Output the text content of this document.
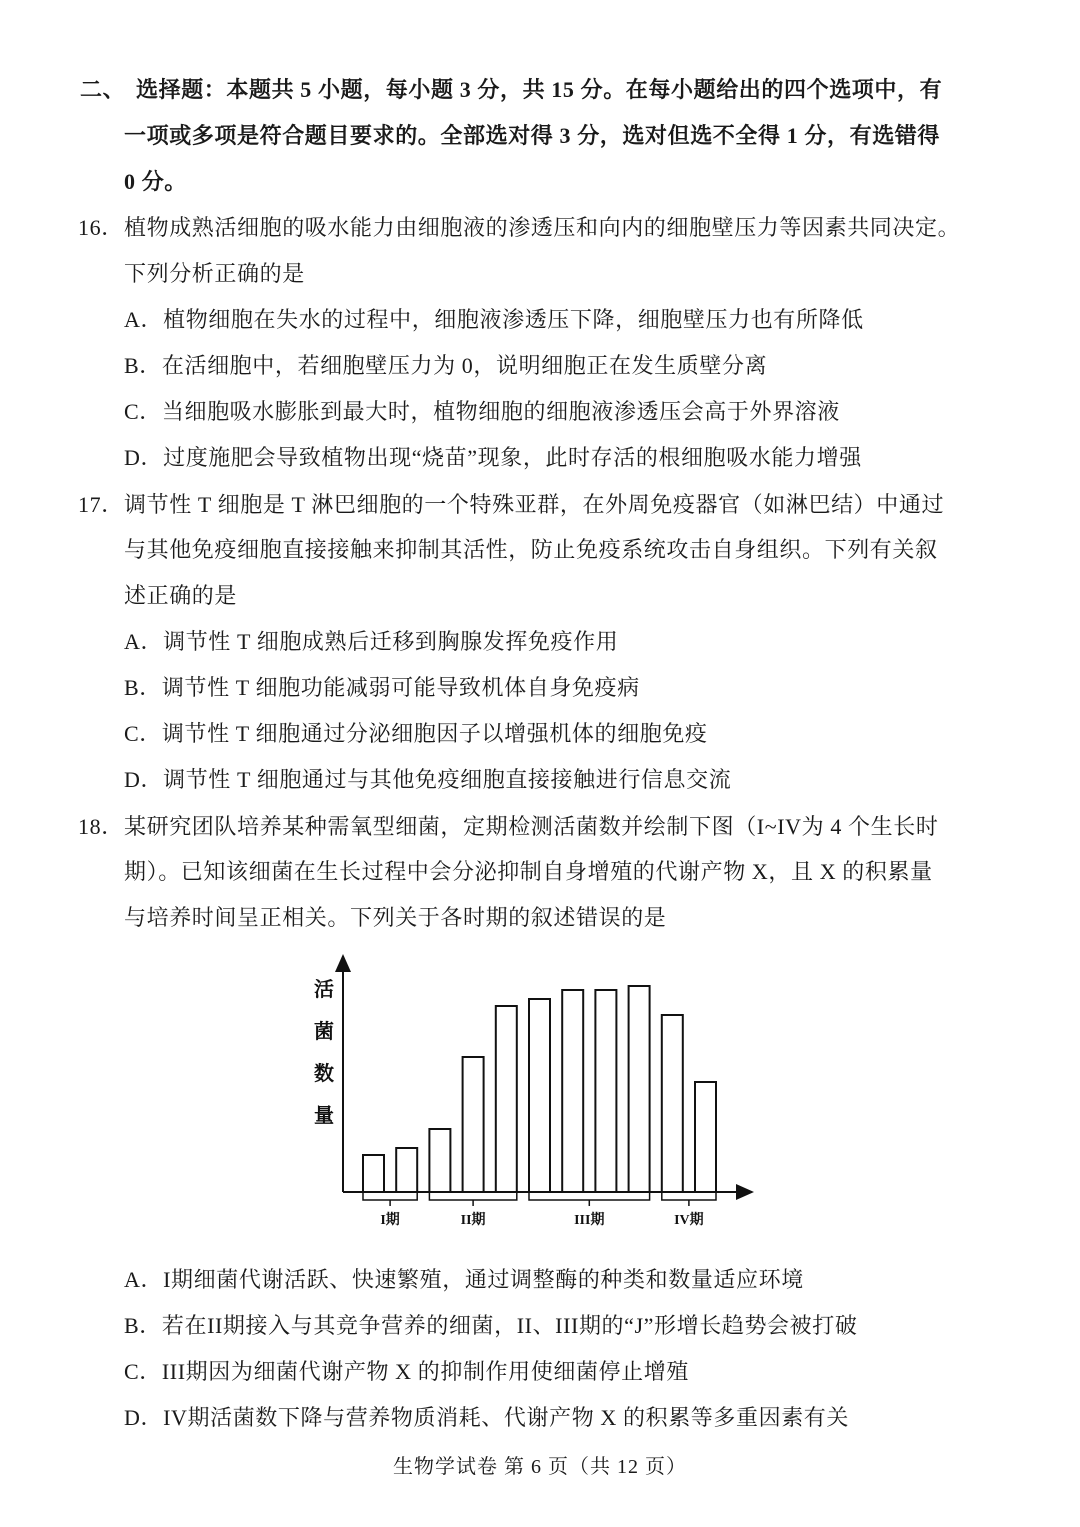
二、 选择题：本题共 5 小题，每小题 3 分，共 15 分。在每小题给出的四个选项中，有
一项或多项是符合题目要求的。全部选对得 3 分，选对但选不全得 1 分，有选错得
0 分。
16． 植物成熟活细胞的吸水能力由细胞液的渗透压和向内的细胞壁压力等因素共同决定。
下列分析正确的是
A．植物细胞在失水的过程中，细胞液渗透压下降，细胞壁压力也有所降低
B．在活细胞中，若细胞壁压力为 0，说明细胞正在发生质壁分离
C．当细胞吸水膨胀到最大时，植物细胞的细胞液渗透压会高于外界溶液
D．过度施肥会导致植物出现“烧苗”现象，此时存活的根细胞吸水能力增强
17． 调节性 T 细胞是 T 淋巴细胞的一个特殊亚群，在外周免疫器官（如淋巴结）中通过
与其他免疫细胞直接接触来抑制其活性，防止免疫系统攻击自身组织。下列有关叙
述正确的是
A．调节性 T 细胞成熟后迁移到胸腺发挥免疫作用
B．调节性 T 细胞功能减弱可能导致机体自身免疫病
C．调节性 T 细胞通过分泌细胞因子以增强机体的细胞免疫
D．调节性 T 细胞通过与其他免疫细胞直接接触进行信息交流
18． 某研究团队培养某种需氧型细菌，定期检测活菌数并绘制下图（I~IV为 4 个生长时
期）。已知该细菌在生长过程中会分泌抑制自身增殖的代谢产物 X，且 X 的积累量
与培养时间呈正相关。下列关于各时期的叙述错误的是
活
菌
数
量
I期	II期	III期	IV期
A．I期细菌代谢活跃、快速繁殖，通过调整酶的种类和数量适应环境
B．若在II期接入与其竞争营养的细菌，II、III期的“J”形增长趋势会被打破
C．III期因为细菌代谢产物 X 的抑制作用使细菌停止增殖
D．IV期活菌数下降与营养物质消耗、代谢产物 X 的积累等多重因素有关
生物学试卷 第 6 页（共 12 页）
